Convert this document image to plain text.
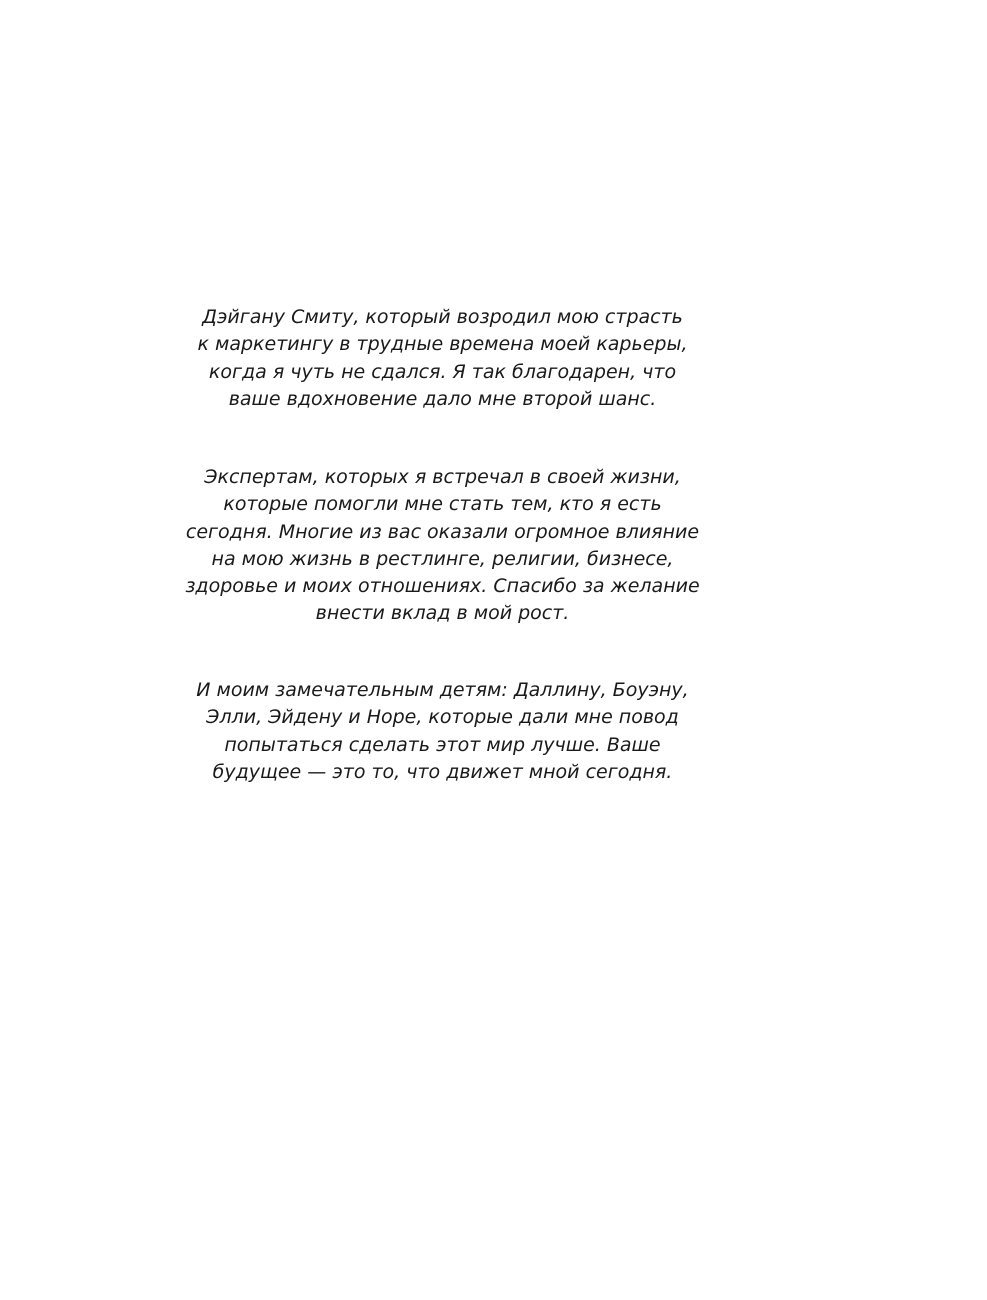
Дэйгану Смиту, который возродил мою страсть
к маркетингу в трудные времена моей карьеры,
когда я чуть не сдался. Я так благодарен, что
ваше вдохновение дало мне второй шанс.

Экспертам, которых я встречал в своей жизни,
которые помогли мне стать тем, кто я есть
сегодня. Многие из вас оказали огромное влияние
на мою жизнь в рестлинге, религии, бизнесе,
здоровье и моих отношениях. Спасибо за желание
внести вклад в мой рост.

И моим замечательным детям: Даллину, Боуэну,
Элли, Эйдену и Норе, которые дали мне повод
попытаться сделать этот мир лучше. Ваше
будущее — это то, что движет мной сегодня.
